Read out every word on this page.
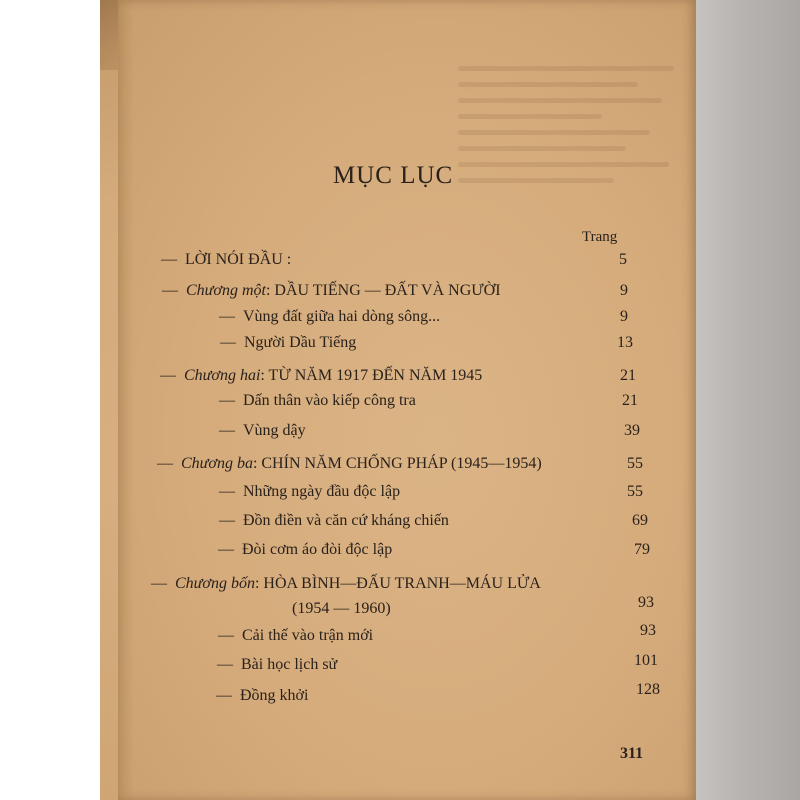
MỤC LỤC
Trang
— LỜI NÓI ĐẦU :	5
— Chương một: DẦU TIẾNG — ĐẤT VÀ NGƯỜI	9
— Vùng đất giữa hai dòng sông...	9
— Người Dầu Tiếng	13
— Chương hai: TỪ NĂM 1917 ĐẾN NĂM 1945	21
— Dấn thân vào kiếp công tra	21
— Vùng dậy	39
— Chương ba: CHÍN NĂM CHỐNG PHÁP (1945—1954)	55
— Những ngày đầu độc lập	55
— Đồn điền và căn cứ kháng chiến	69
— Đòi cơm áo đòi độc lập	79
— Chương bốn: HÒA BÌNH—ĐẤU TRANH—MÁU LỬA
(1954 — 1960)	93
— Cải thế vào trận mới	93
— Bài học lịch sử	101
— Đồng khởi	128
311
